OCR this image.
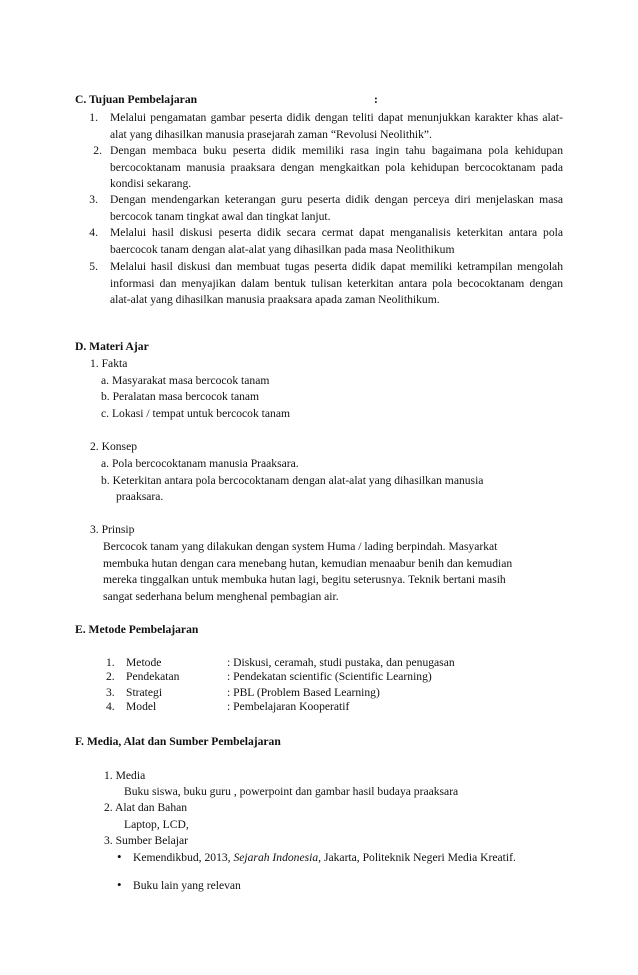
C. Tujuan Pembelajaran	:
1. Melalui pengamatan gambar peserta didik dengan teliti dapat menunjukkan karakter khas alat-alat yang dihasilkan manusia prasejarah zaman “Revolusi Neolithik”.
2. Dengan membaca buku peserta didik memiliki rasa ingin tahu bagaimana pola kehidupan bercocoktanam manusia praaksara dengan mengkaitkan pola kehidupan bercocoktanam pada kondisi sekarang.
3. Dengan mendengarkan keterangan guru peserta didik dengan perceya diri menjelaskan masa bercocok tanam tingkat awal dan tingkat lanjut.
4. Melalui hasil diskusi peserta didik secara cermat dapat menganalisis keterkitan antara pola baercocok tanam dengan alat-alat yang dihasilkan pada masa Neolithikum
5. Melalui hasil diskusi dan membuat tugas peserta didik dapat memiliki ketrampilan mengolah informasi dan menyajikan dalam bentuk tulisan keterkitan antara pola becocoktanam dengan alat-alat yang dihasilkan manusia praaksara apada zaman Neolithikum.
D. Materi Ajar
1. Fakta
a. Masyarakat masa bercocok tanam
b. Peralatan masa bercocok tanam
c. Lokasi / tempat untuk bercocok tanam
2. Konsep
a. Pola bercocoktanam manusia Praaksara.
b. Keterkitan antara pola bercocoktanam dengan alat-alat yang dihasilkan manusia
praaksara.
3. Prinsip
Bercocok tanam yang dilakukan dengan system Huma / lading berpindah. Masyarkat
membuka hutan dengan cara menebang hutan, kemudian menaabur benih dan kemudian
mereka tinggalkan untuk membuka hutan lagi, begitu seterusnya. Teknik bertani masih
sangat sederhana belum menghenal pembagian air.
E. Metode Pembelajaran
1. Metode	: Diskusi, ceramah, studi pustaka, dan penugasan
2. Pendekatan	: Pendekatan scientific (Scientific Learning)
3. Strategi	: PBL (Problem Based Learning)
4. Model	: Pembelajaran Kooperatif
F. Media, Alat dan Sumber Pembelajaran
1. Media
Buku siswa, buku guru , powerpoint dan gambar hasil budaya praaksara
2. Alat dan Bahan
Laptop, LCD,
3. Sumber Belajar
• Kemendikbud, 2013, Sejarah Indonesia, Jakarta, Politeknik Negeri Media Kreatif.
• Buku lain yang relevan
